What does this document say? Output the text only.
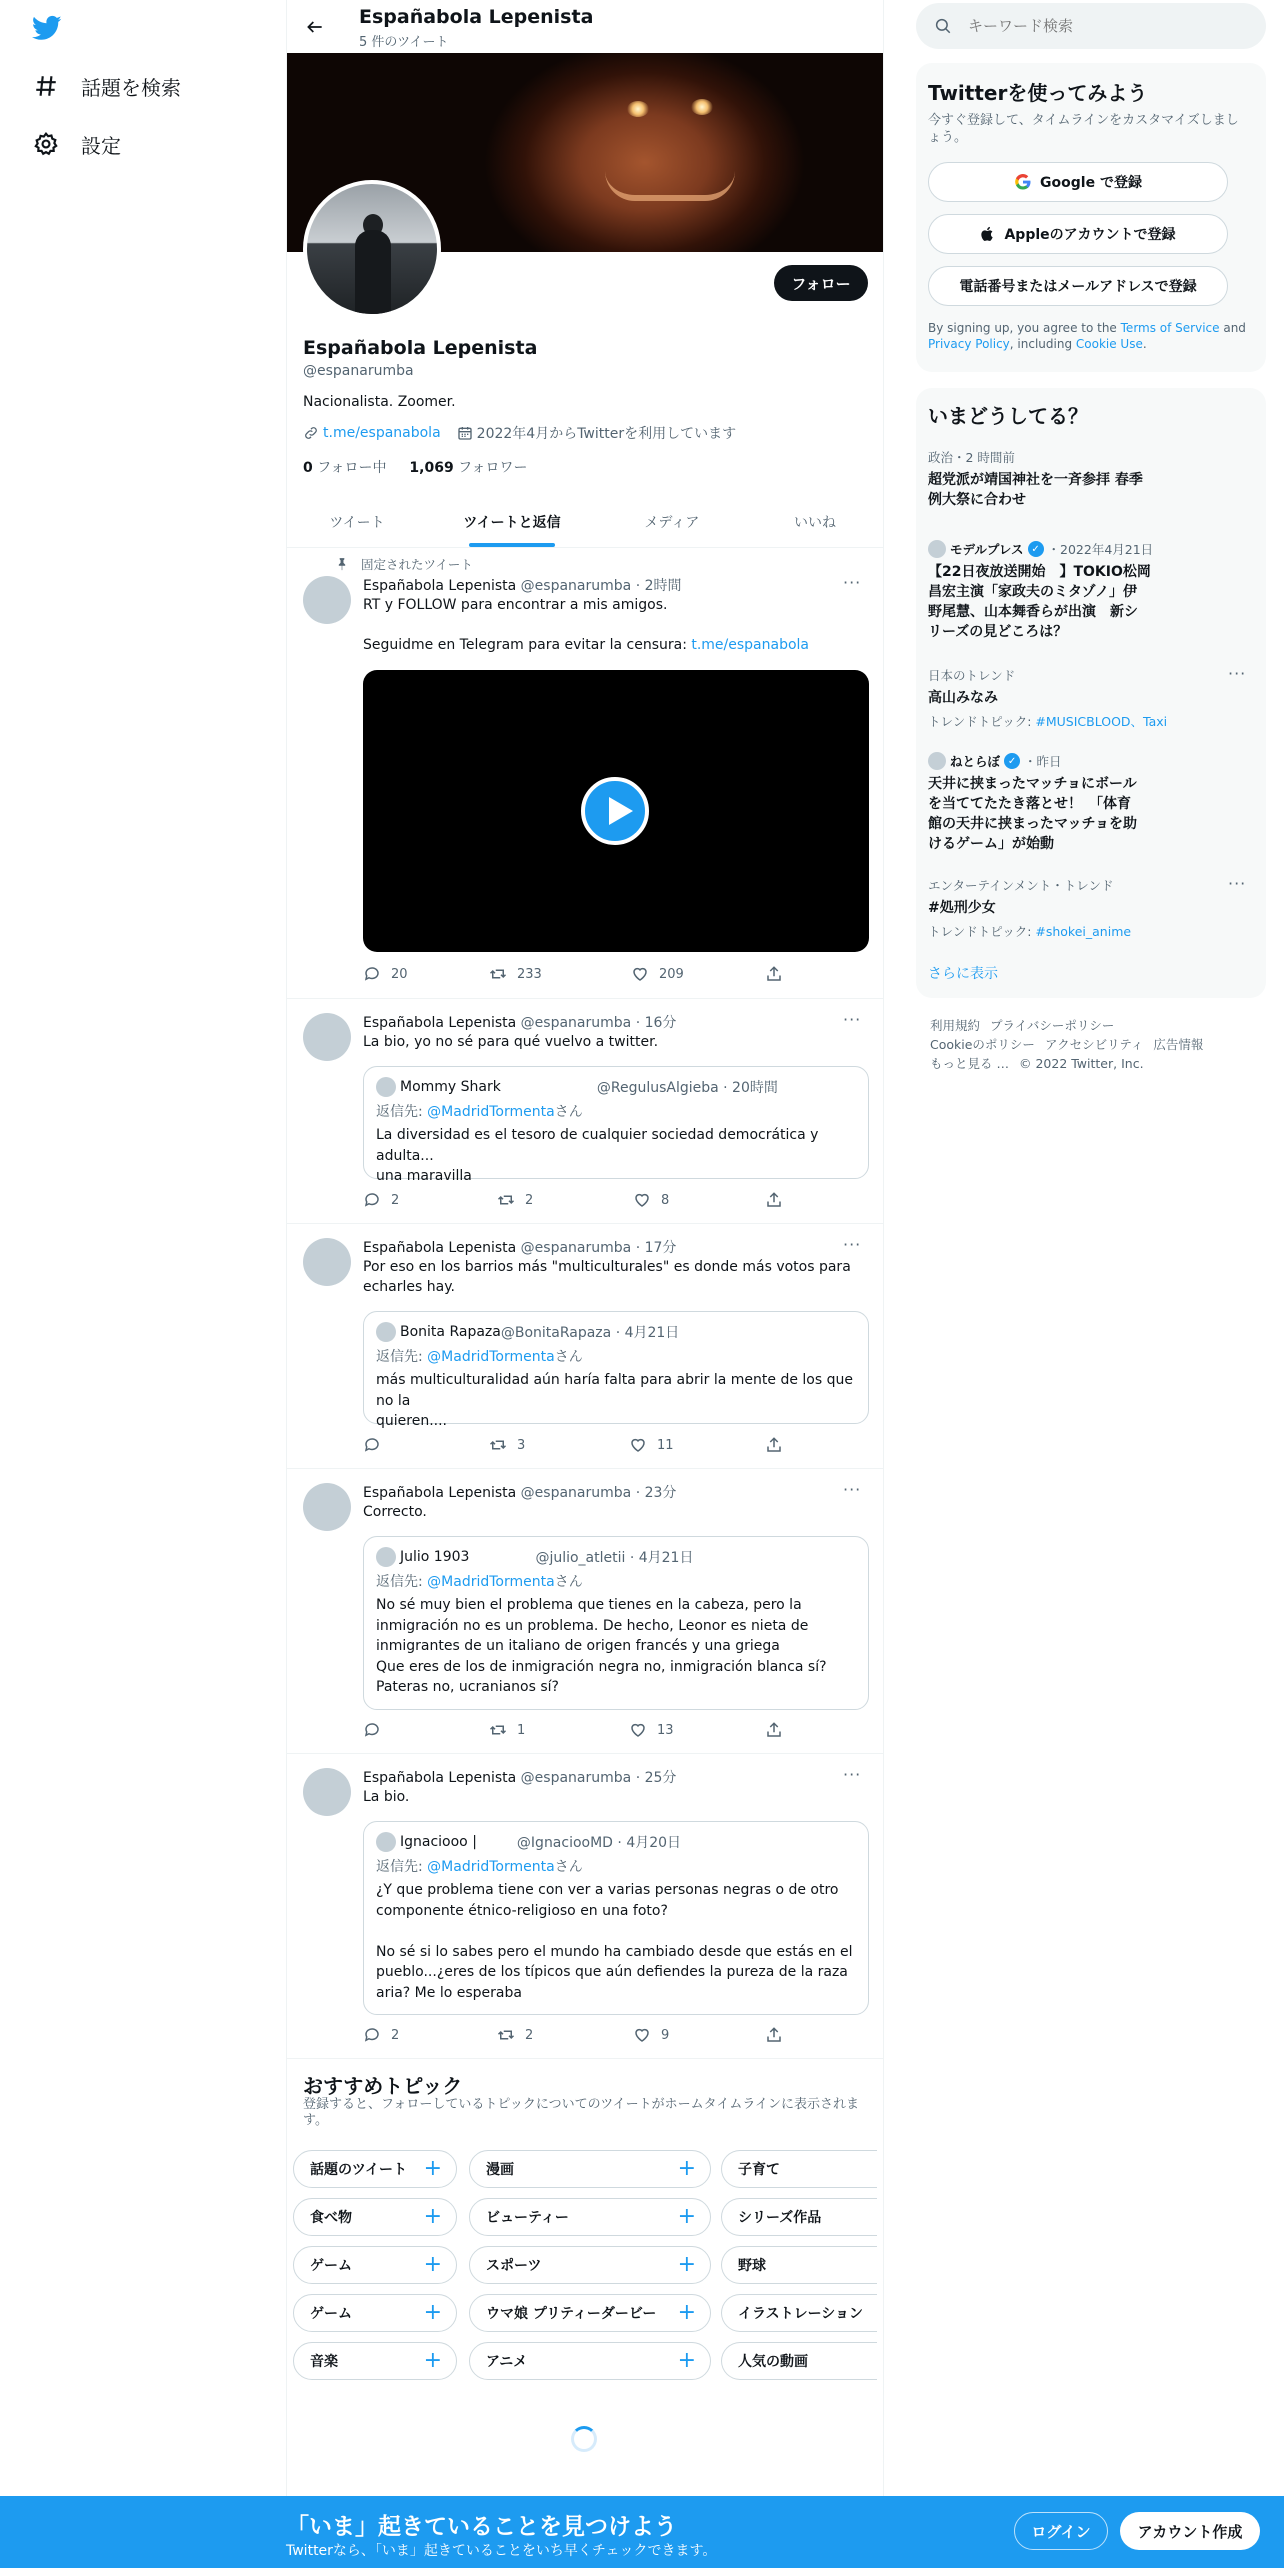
話題を検索
設定
Españabola Lepenista
5 件のツイート
フォロー
Españabola Lepenista
@espanarumba
Nacionalista. Zoomer.
t.me/espanabola	2022年4月からTwitterを利用しています
0 フォロー中 1,069 フォロワー
ツイート	ツイートと返信	メディア	いいね
固定されたツイート
Españabola Lepenista @espanarumba · 2時間	···
RT y FOLLOW para encontrar a mis amigos.

Seguidme en Telegram para evitar la censura: t.me/espanabola
20	233	209
Españabola Lepenista @espanarumba · 16分	···
La bio, yo no sé para qué vuelvo a twitter.
Mommy Shark	@RegulusAlgieba · 20時間
返信先: @MadridTormentaさん
La diversidad es el tesoro de cualquier sociedad democrática y adulta...
una maravilla
2	2	8
Españabola Lepenista @espanarumba · 17分	···
Por eso en los barrios más "multiculturales" es donde más votos para
echarles hay.
Bonita Rapaza @BonitaRapaza · 4月21日
返信先: @MadridTormentaさん
más multiculturalidad aún haría falta para abrir la mente de los que no la
quieren....
3	11
Españabola Lepenista @espanarumba · 23分	···
Correcto.
Julio 1903	@julio_atletii · 4月21日
返信先: @MadridTormentaさん
No sé muy bien el problema que tienes en la cabeza, pero la
inmigración no es un problema. De hecho, Leonor es nieta de
inmigrantes de un italiano de origen francés y una griega
Que eres de los de inmigración negra no, inmigración blanca sí?
Pateras no, ucranianos sí?
1	13
Españabola Lepenista @espanarumba · 25分	···
La bio.
Ignaciooo |	@IgnaciooMD · 4月20日
返信先: @MadridTormentaさん
¿Y que problema tiene con ver a varias personas negras o de otro
componente étnico-religioso en una foto?

No sé si lo sabes pero el mundo ha cambiado desde que estás en el
pueblo...¿eres de los típicos que aún defiendes la pureza de la raza
aria? Me lo esperaba
2	2	9
おすすめトピック
登録すると、フォローしているトピックについてのツイートがホームタイムラインに表示されます。
話題のツイート +	漫画	+	子育て
食べ物	+	ビューティー	+	シリーズ作品
ゲーム	+	スポーツ	+	野球
ゲーム	+	ウマ娘 プリティーダービー +	イラストレーション
音楽	+	アニメ	+	人気の動画
キーワード検索
Twitterを使ってみよう
今すぐ登録して、タイムラインをカスタマイズしましょう。
Google で登録
Appleのアカウントで登録
電話番号またはメールアドレスで登録
By signing up, you agree to the Terms of Service and Privacy Policy, including Cookie Use.
いまどうしてる？
政治・2 時間前
超党派が靖国神社を一斉参拝 春季
例大祭に合わせ
モデルプレス ✓ ・2022年4月21日
【22日夜放送開始　】TOKIO松岡
昌宏主演「家政夫のミタゾノ」伊
野尾慧、山本舞香らが出演　新シ
リーズの見どころは？
日本のトレンド
高山みなみ
トレンドトピック: #MUSICBLOOD、Taxi
···
ねとらぼ ✓ ・昨日
天井に挟まったマッチョにボール
を当ててたたき落とせ！　「体育
館の天井に挟まったマッチョを助
けるゲーム」が始動
エンターテインメント・トレンド
#処刑少女
トレンドトピック: #shokei_anime
···
さらに表示
利用規約 プライバシーポリシー
Cookieのポリシー アクセシビリティ 広告情報
もっと見る … © 2022 Twitter, Inc.
「いま」起きていることを見つけよう
Twitterなら、「いま」起きていることをいち早くチェックできます。
ログイン	アカウント作成
